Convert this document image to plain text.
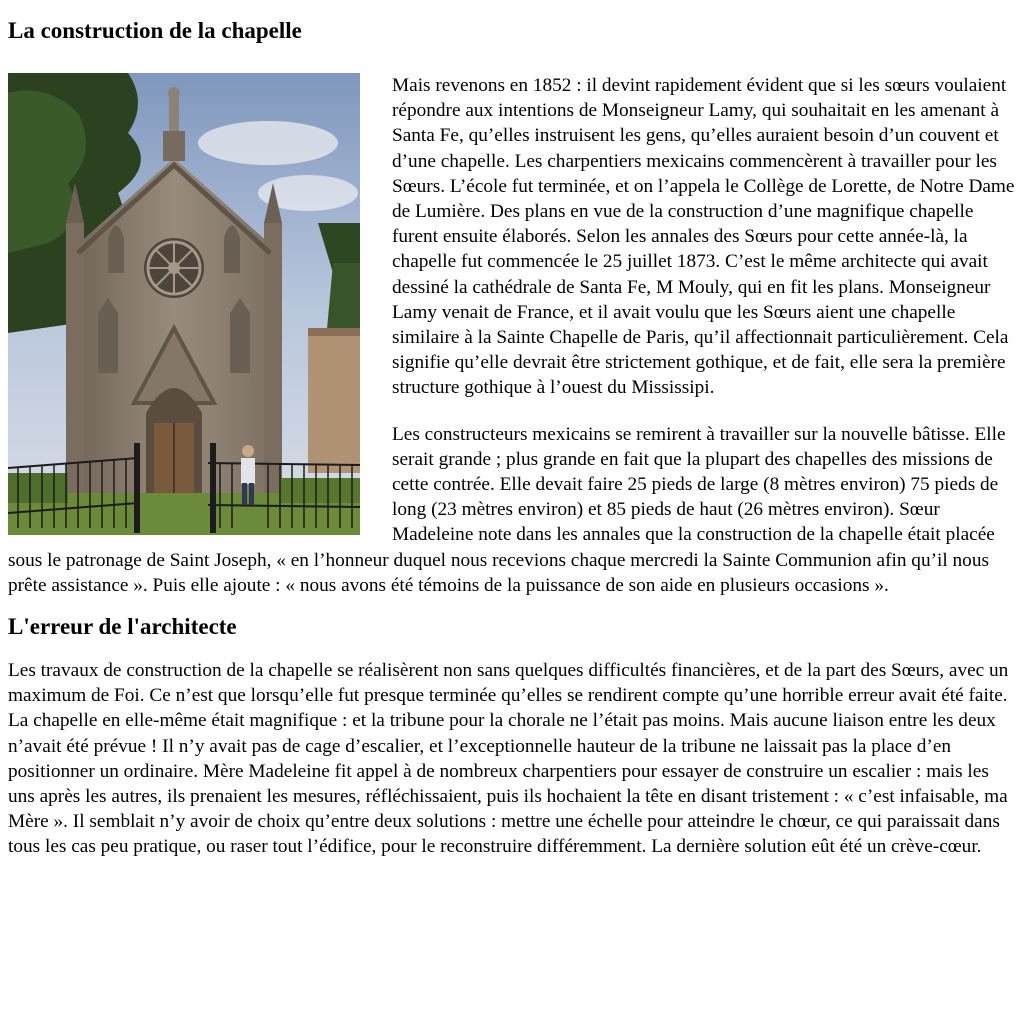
La construction de la chapelle

Mais revenons en 1852 : il devint rapidement évident que si les sœurs voulaient répondre aux intentions de Monseigneur Lamy, qui souhaitait en les amenant à Santa Fe, qu’elles instruisent les gens, qu’elles auraient besoin d’un couvent et d’une chapelle. Les charpentiers mexicains commencèrent à travailler pour les Sœurs. L’école fut terminée, et on l’appela le Collège de Lorette, de Notre Dame de Lumière. Des plans en vue de la construction d’une magnifique chapelle furent ensuite élaborés. Selon les annales des Sœurs pour cette année-là, la chapelle fut commencée le 25 juillet 1873. C’est le même architecte qui avait dessiné la cathédrale de Santa Fe, M Mouly, qui en fit les plans. Monseigneur Lamy venait de France, et il avait voulu que les Sœurs aient une chapelle similaire à la Sainte Chapelle de Paris, qu’il affectionnait particulièrement. Cela signifie qu’elle devrait être strictement gothique, et de fait, elle sera la première structure gothique à l’ouest du Mississipi.

Les constructeurs mexicains se remirent à travailler sur la nouvelle bâtisse. Elle serait grande ; plus grande en fait que la plupart des chapelles des missions de cette contrée. Elle devait faire 25 pieds de large (8 mètres environ) 75 pieds de long (23 mètres environ) et 85 pieds de haut (26 mètres environ). Sœur Madeleine note dans les annales que la construction de la chapelle était placée sous le patronage de Saint Joseph, « en l’honneur duquel nous recevions chaque mercredi la Sainte Communion afin qu’il nous prête assistance ». Puis elle ajoute : « nous avons été témoins de la puissance de son aide en plusieurs occasions ».

L'erreur de l'architecte

Les travaux de construction de la chapelle se réalisèrent non sans quelques difficultés financières, et de la part des Sœurs, avec un maximum de Foi. Ce n’est que lorsqu’elle fut presque terminée qu’elles se rendirent compte qu’une horrible erreur avait été faite. La chapelle en elle-même était magnifique : et la tribune pour la chorale ne l’était pas moins. Mais aucune liaison entre les deux n’avait été prévue ! Il n’y avait pas de cage d’escalier, et l’exceptionnelle hauteur de la tribune ne laissait pas la place d’en positionner un ordinaire. Mère Madeleine fit appel à de nombreux charpentiers pour essayer de construire un escalier : mais les uns après les autres, ils prenaient les mesures, réfléchissaient, puis ils hochaient la tête en disant tristement : « c’est infaisable, ma Mère ». Il semblait n’y avoir de choix qu’entre deux solutions : mettre une échelle pour atteindre le chœur, ce qui paraissait dans tous les cas peu pratique, ou raser tout l’édifice, pour le reconstruire différemment. La dernière solution eût été un crève-cœur.
